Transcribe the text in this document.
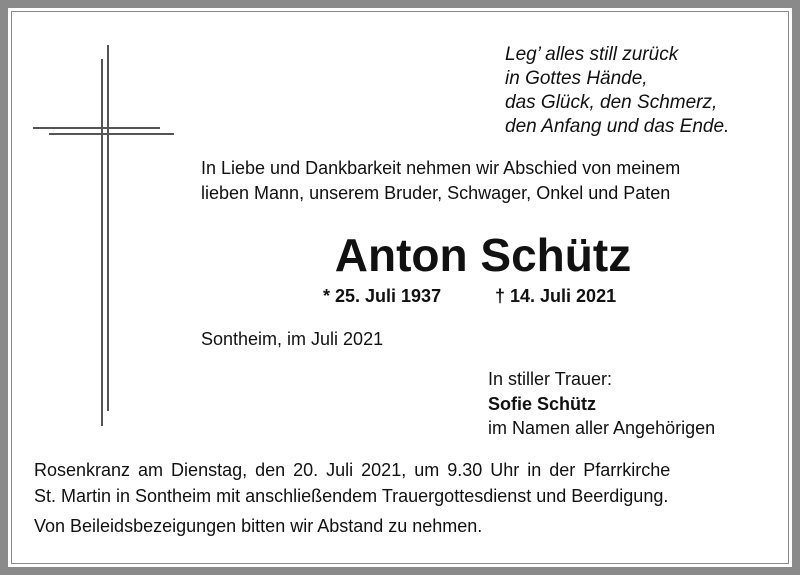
Leg’ alles still zurück
in Gottes Hände,
das Glück, den Schmerz,
den Anfang und das Ende.
In Liebe und Dankbarkeit nehmen wir Abschied von meinem
lieben Mann, unserem Bruder, Schwager, Onkel und Paten
Anton Schütz
* 25. Juli 1937	† 14. Juli 2021
Sontheim, im Juli 2021
In stiller Trauer:
Sofie Schütz
im Namen aller Angehörigen
Rosenkranz am Dienstag, den 20. Juli 2021, um 9.30 Uhr in der Pfarrkirche
St. Martin in Sontheim mit anschließendem Trauergottesdienst und Beerdigung.
Von Beileidsbezeigungen bitten wir Abstand zu nehmen.
